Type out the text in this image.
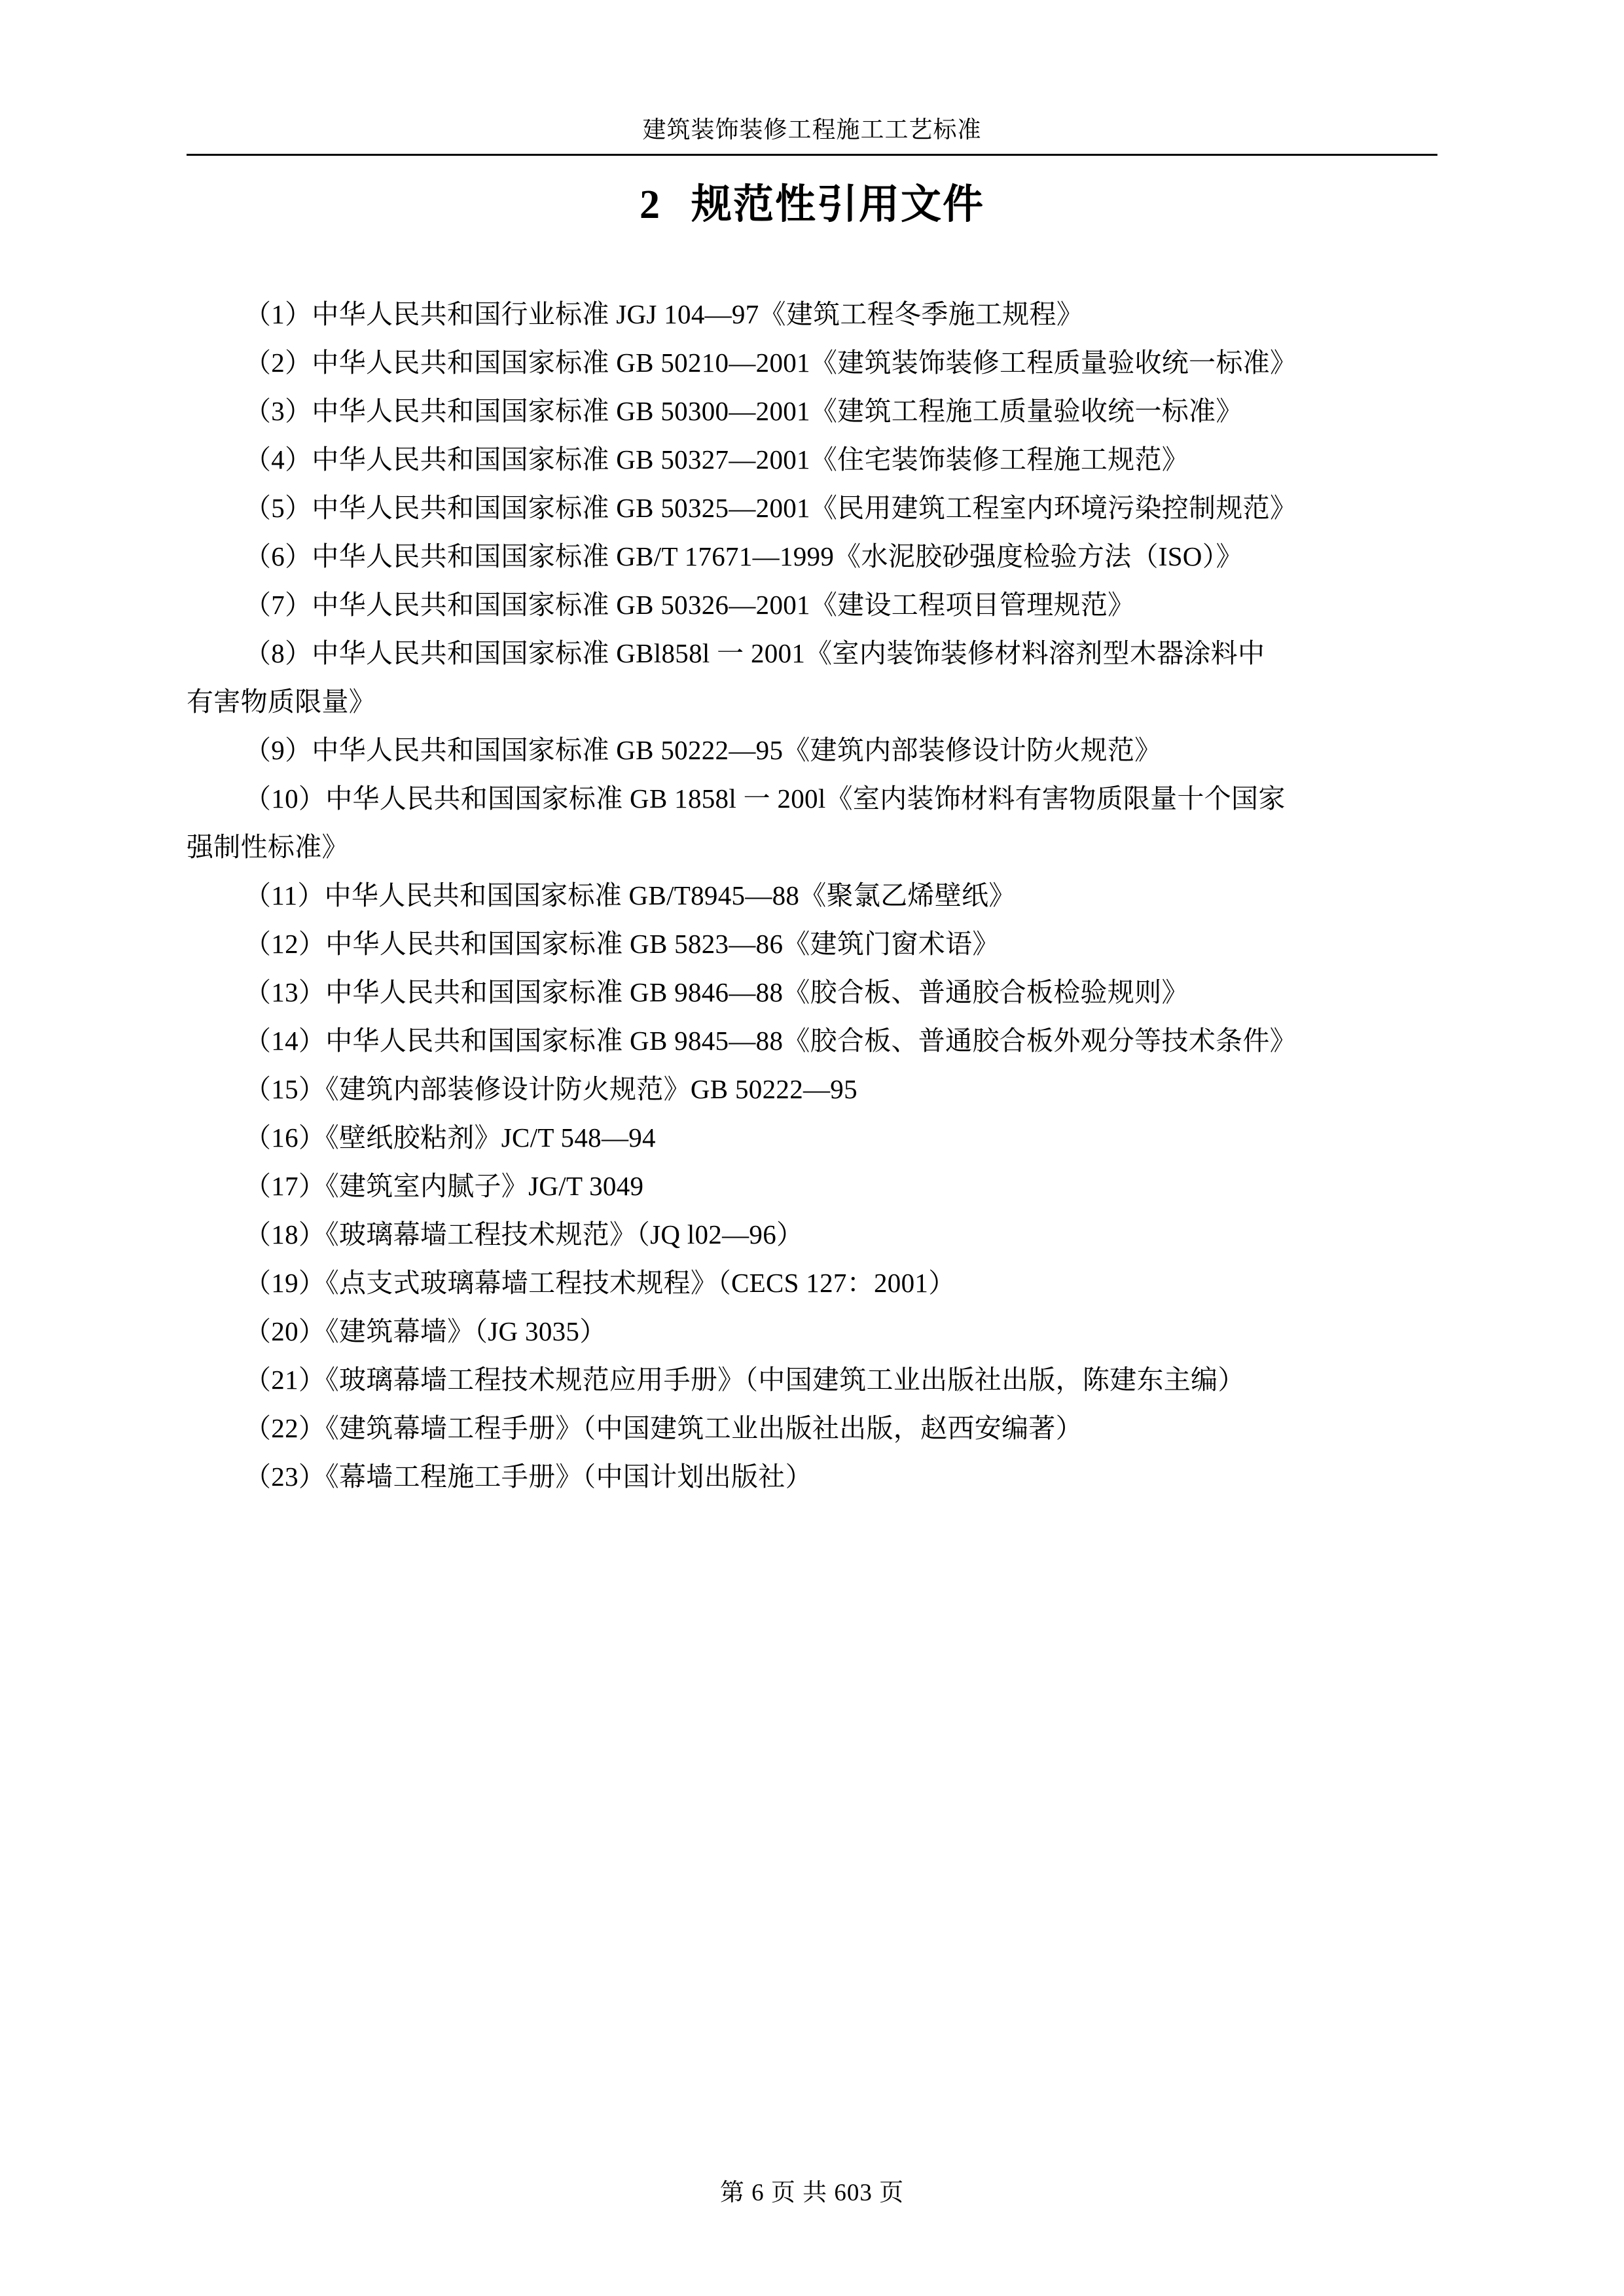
建筑装饰装修工程施工工艺标准
2 规范性引用文件

（1）中华人民共和国行业标准 JGJ 104—97《建筑工程冬季施工规程》

（2）中华人民共和国国家标准 GB 50210—2001《建筑装饰装修工程质量验收统一标准》

（3）中华人民共和国国家标准 GB 50300—2001《建筑工程施工质量验收统一标准》

（4）中华人民共和国国家标准 GB 50327—2001《住宅装饰装修工程施工规范》

（5）中华人民共和国国家标准 GB 50325—2001《民用建筑工程室内环境污染控制规范》

（6）中华人民共和国国家标准 GB/T 17671—1999《水泥胶砂强度检验方法（ISO）》

（7）中华人民共和国国家标准 GB 50326—2001《建设工程项目管理规范》

（8）中华人民共和国国家标准 GBl858l 一 2001《室内装饰装修材料溶剂型木器涂料中

有害物质限量》

（9）中华人民共和国国家标准 GB 50222—95《建筑内部装修设计防火规范》

（10）中华人民共和国国家标准 GB 1858l 一 200l《室内装饰材料有害物质限量十个国家

强制性标准》

（11）中华人民共和国国家标准 GB/T8945—88《聚氯乙烯壁纸》

（12）中华人民共和国国家标准 GB 5823—86《建筑门窗术语》

（13）中华人民共和国国家标准 GB 9846—88《胶合板、普通胶合板检验规则》

（14）中华人民共和国国家标准 GB 9845—88《胶合板、普通胶合板外观分等技术条件》

（15）《建筑内部装修设计防火规范》GB 50222—95

（16）《壁纸胶粘剂》JC/T 548—94

（17）《建筑室内腻子》JG/T 3049

（18）《玻璃幕墙工程技术规范》（JQ l02—96）

（19）《点支式玻璃幕墙工程技术规程》（CECS 127：2001）

（20）《建筑幕墙》（JG 3035）

（21）《玻璃幕墙工程技术规范应用手册》（中国建筑工业出版社出版，陈建东主编）

（22）《建筑幕墙工程手册》（中国建筑工业出版社出版，赵西安编著）

（23）《幕墙工程施工手册》（中国计划出版社）

第 6 页 共 603 页
